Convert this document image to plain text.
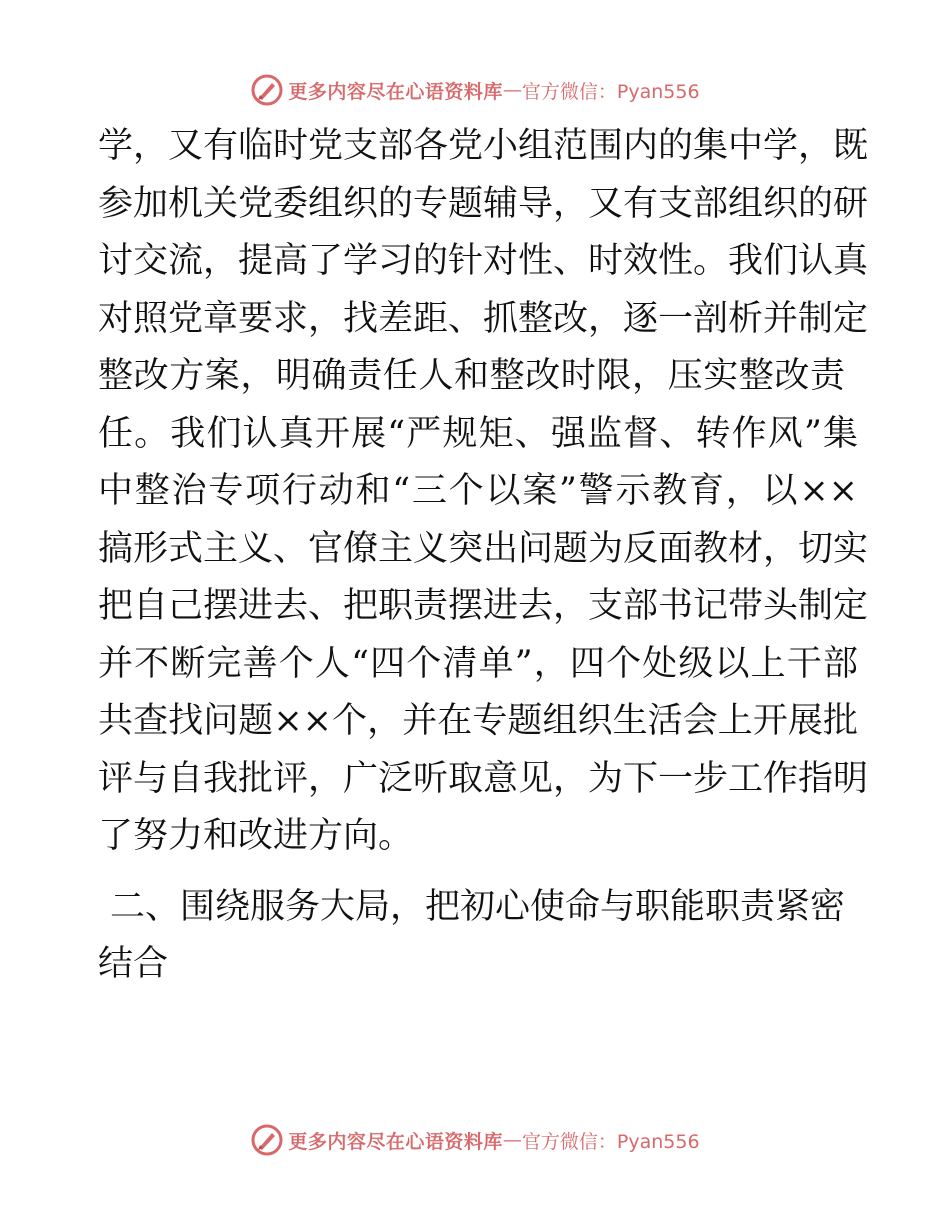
更多内容尽在心语资料库 — 官方微信：Pyan556
学，又有临时党支部各党小组范围内的集中学，既
参加机关党委组织的专题辅导，又有支部组织的研
讨交流，提高了学习的针对性、时效性。我们认真
对照党章要求，找差距、抓整改，逐一剖析并制定
整改方案，明确责任人和整改时限，压实整改责
任。我们认真开展“严规矩、强监督、转作风”集
中整治专项行动和“三个以案”警示教育，以××
搞形式主义、官僚主义突出问题为反面教材，切实
把自己摆进去、把职责摆进去，支部书记带头制定
并不断完善个人“四个清单”，四个处级以上干部
共查找问题××个，并在专题组织生活会上开展批
评与自我批评，广泛听取意见，为下一步工作指明
了努力和改进方向。
二、围绕服务大局，把初心使命与职能职责紧密
结合
更多内容尽在心语资料库 — 官方微信：Pyan556
